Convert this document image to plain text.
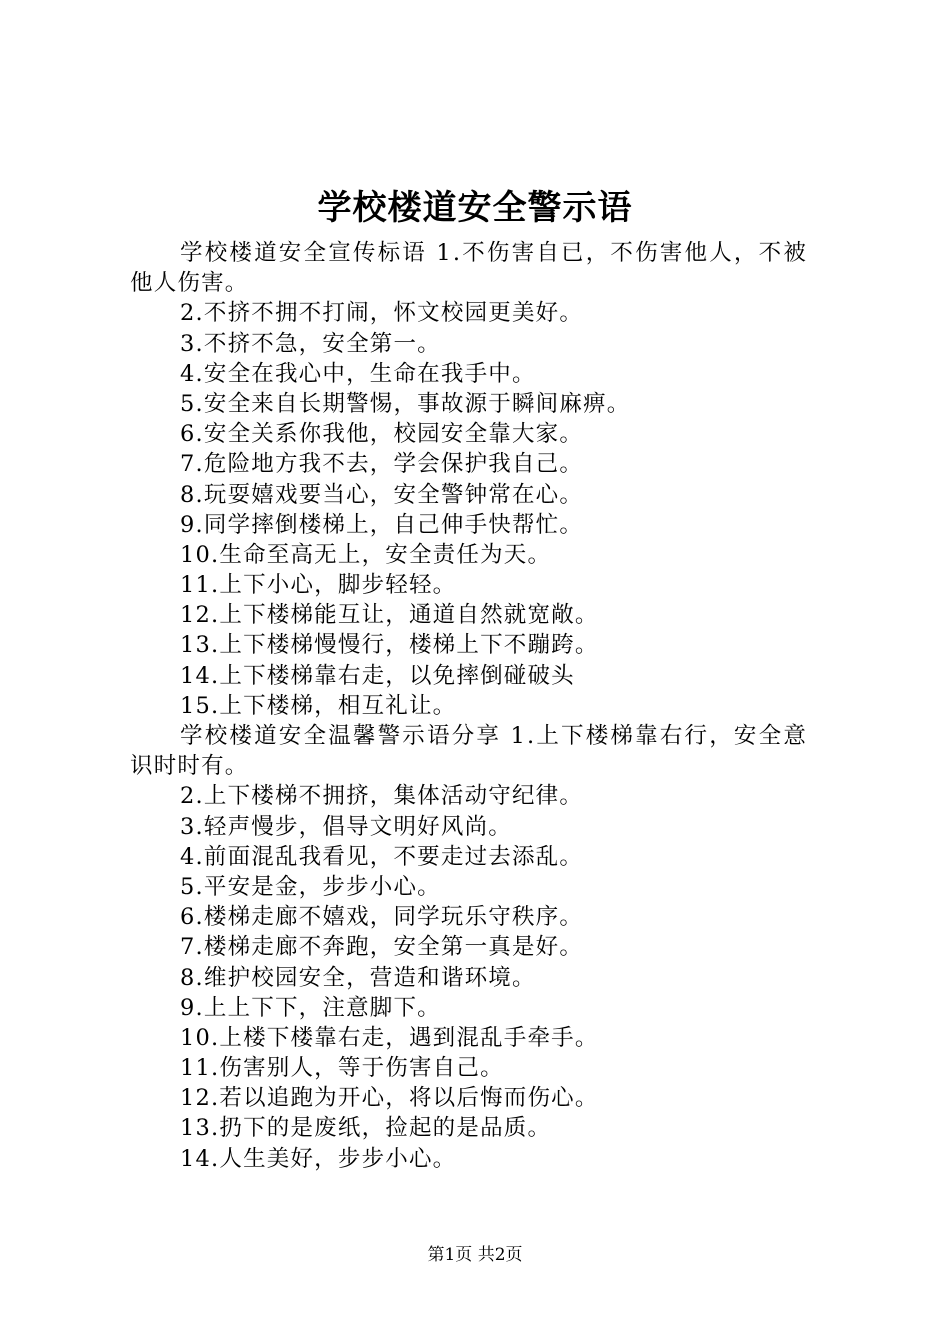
学校楼道安全警示语
学校楼道安全宣传标语 1.不伤害自已，不伤害他人，不被
他人伤害。
2.不挤不拥不打闹，怀文校园更美好。
3.不挤不急，安全第一。
4.安全在我心中，生命在我手中。
5.安全来自长期警惕，事故源于瞬间麻痹。
6.安全关系你我他，校园安全靠大家。
7.危险地方我不去，学会保护我自己。
8.玩耍嬉戏要当心，安全警钟常在心。
9.同学摔倒楼梯上，自己伸手快帮忙。
10.生命至高无上，安全责任为天。
11.上下小心，脚步轻轻。
12.上下楼梯能互让，通道自然就宽敞。
13.上下楼梯慢慢行，楼梯上下不蹦跨。
14.上下楼梯靠右走，以免摔倒碰破头
15.上下楼梯，相互礼让。
学校楼道安全温馨警示语分享 1.上下楼梯靠右行，安全意
识时时有。
2.上下楼梯不拥挤，集体活动守纪律。
3.轻声慢步，倡导文明好风尚。
4.前面混乱我看见，不要走过去添乱。
5.平安是金，步步小心。
6.楼梯走廊不嬉戏，同学玩乐守秩序。
7.楼梯走廊不奔跑，安全第一真是好。
8.维护校园安全，营造和谐环境。
9.上上下下，注意脚下。
10.上楼下楼靠右走，遇到混乱手牵手。
11.伤害别人，等于伤害自己。
12.若以追跑为开心，将以后悔而伤心。
13.扔下的是废纸，捡起的是品质。
14.人生美好，步步小心。
第1页 共2页
